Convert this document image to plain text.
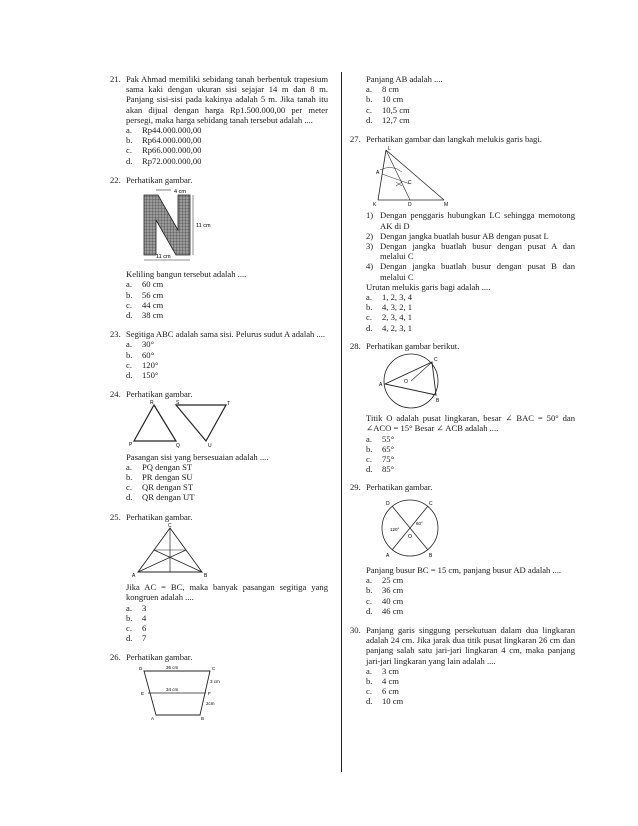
21. Pak Ahmad memiliki sebidang tanah berbentuk trapesium sama kaki dengan ukuran sisi sejajar 14 m dan 8 m. Panjang sisi-sisi pada kakinya adalah 5 m. Jika tanah itu akan dijual dengan harga Rp1.500.000,00 per meter persegi, maka harga sebidang tanah tersebut adalah ....
a.	Rp44.000.000,00
b.	Rp64.000.000,00
c.	Rp66.000.000,00
d.	Rp72.000.000,00
22. Perhatikan gambar.
4 cm
11 cm
11 cm
Keliling bangun tersebut adalah ....
a.	60 cm
b.	56 cm
c.	44 cm
d.	38 cm
23. Segitiga ABC adalah sama sisi. Pelurus sudut A adalah ....
a.	30°
b.	60°
c.	120°
d.	150°
24. Perhatikan gambar.
R	S	T
P	Q	U
Pasangan sisi yang bersesuaian adalah ....
a.	PQ dengan ST
b.	PR dengan SU
c.	QR dengan ST
d.	QR dengan UT
25. Perhatikan gambar.
C
A	B
Jika AC = BC, maka banyak pasangan segitiga yang kongruen adalah ....
a.	3
b.	4
c.	6
d.	7
26. Perhatikan gambar.
36 cm
34 cm
3 cm
2cm
D	C
E	F
A	B
Panjang AB adalah ....
a.	8 cm
b.	10 cm
c.	10,5 cm
d.	12,7 cm
27. Perhatikan gambar dan langkah melukis garis bagi.
L
A
C
K	D	M
1) Dengan penggaris hubungkan LC sehingga memotong AK di D
2) Dengan jangka buatlah busur AB dengan pusat L
3) Dengan jangka buatlah busur dengan pusat A dan melalui C
4) Dengan jangka buatlah busur dengan pusat B dan melalui C
Urutan melukis garis bagi adalah ....
a.	1, 2, 3, 4
b.	4, 3, 2, 1
c.	2, 3, 4, 1
d.	4, 2, 3, 1
28. Perhatikan gambar berikut.
C
O
A
B
Titik O adalah pusat lingkaran, besar ∠ BAC = 50° dan ∠ACO = 15° Besar ∠ ACB adalah ....
a.	55°
b.	65°
c.	75°
d.	85°
29. Perhatikan gambar.
D	C
A	B
O
120°
60°
Panjang busur BC = 15 cm, panjang busur AD adalah ....
a.	25 cm
b.	36 cm
c.	40 cm
d.	46 cm
30. Panjang garis singgung persekutuan dalam dua lingkaran adalah 24 cm. Jika jarak dua titik pusat lingkaran 26 cm dan panjang salah satu jari-jari lingkaran 4 cm, maka panjang jari-jari lingkaran yang lain adalah ....
a.	3 cm
b.	4 cm
c.	6 cm
d.	10 cm
